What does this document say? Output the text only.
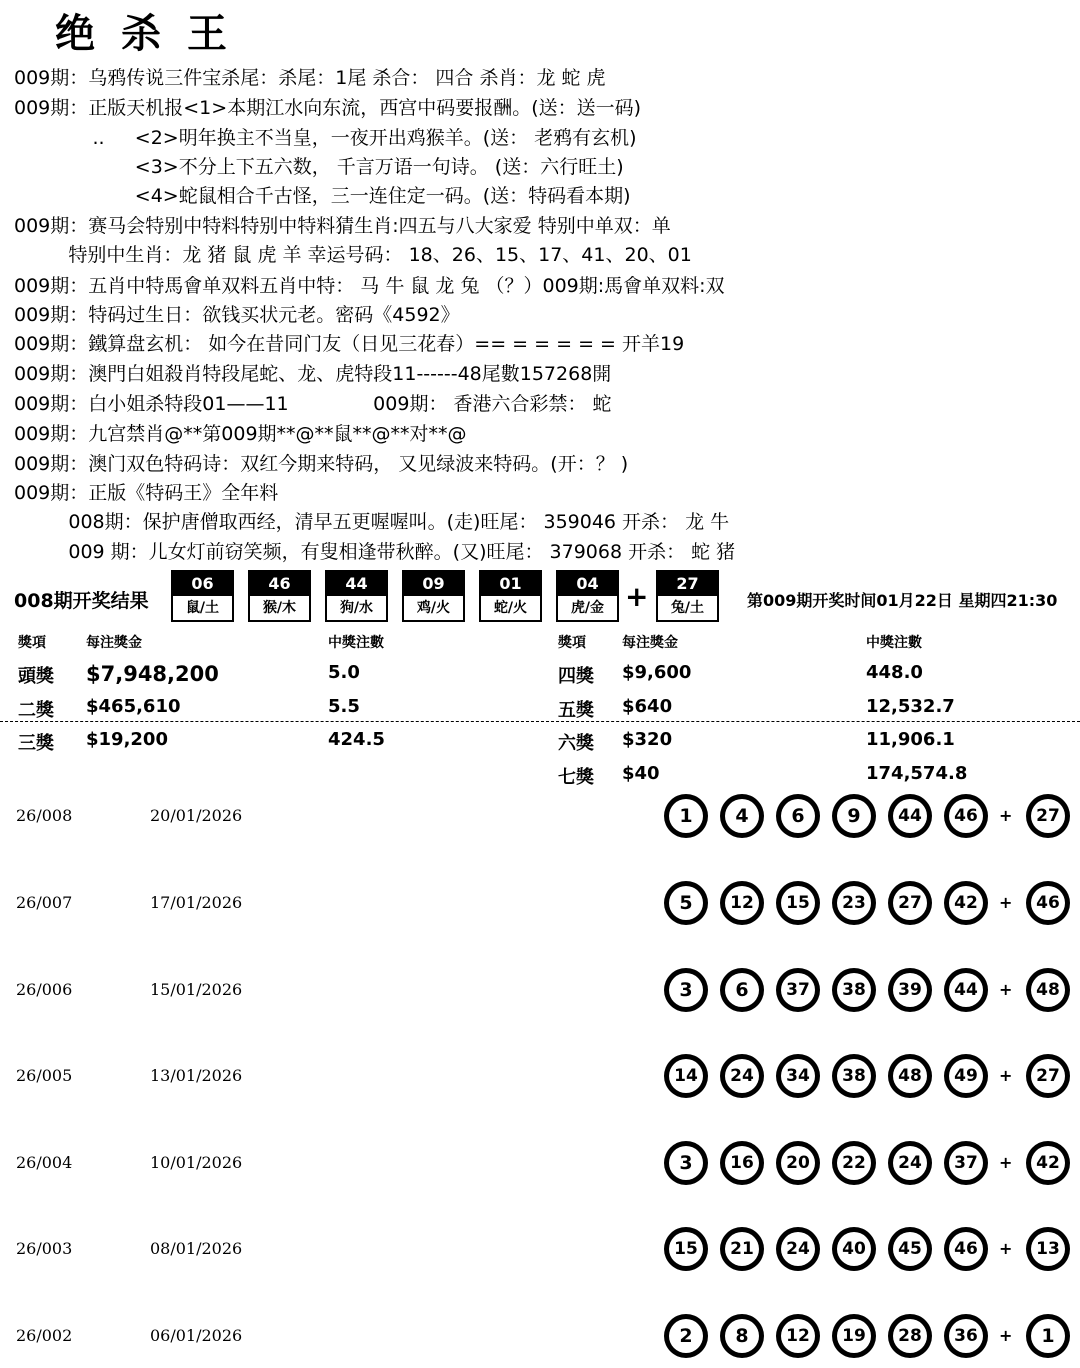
绝杀王
009期：乌鸦传说三件宝杀尾：杀尾：1尾 杀合： 四合 杀肖：龙 蛇 虎
009期：正版天机报<1>本期江水向东流，西宫中码要报酬。(送：送一码)
..     <2>明年换主不当皇，一夜开出鸡猴羊。(送： 老鸦有玄机)
<3>不分上下五六数， 千言万语一句诗。 (送：六行旺土)
<4>蛇鼠相合千古怪，三一连住定一码。(送：特码看本期)
009期：赛马会特别中特料特别中特料猜生肖:四五与八大家爱 特别中单双：单
特别中生肖：龙 猪 鼠 虎 羊 幸运号码： 18、26、15、17、41、20、01
009期：五肖中特馬會单双料五肖中特： 马 牛 鼠 龙 兔 （？）009期:馬會单双料:双
009期：特码过生日：欲钱买状元老。密码《4592》
009期：鐵算盘玄机： 如今在昔同门友（日见三花春）== = = = = = 开羊19
009期：澳門白姐殺肖特段尾蛇、龙、虎特段11------48尾數157268開
009期：白小姐杀特段01——11              009期： 香港六合彩禁： 蛇
009期：九宫禁肖@**第009期**@**鼠**@**对**@
009期：澳门双色特码诗：双红今期来特码， 又见绿波来特码。(开：？ )
009期：正版《特码王》全年料
008期：保护唐僧取西经，清早五更喔喔叫。(走)旺尾： 359046 开杀： 龙 牛
009 期：儿女灯前窃笑频，有叟相逢带秋醉。(又)旺尾： 379068 开杀： 蛇 猪
008期开奖结果
06
鼠/土
46
猴/木
44
狗/水
09
鸡/火
01
蛇/火
04
虎/金
27
兔/土
+	第009期开奖时间01月22日 星期四21:30
獎項	每注獎金	中獎注數	獎項	每注獎金	中獎注數
頭獎 $7,948,200	5.0
二獎 $465,610	5.5
三獎 $19,200	424.5
四獎 $9,600	448.0
五獎 $640	12,532.7
六獎 $320	11,906.1
七獎 $40	174,574.8
26/008	20/01/2026	1	4	6	9	44	46	+	27
26/007	17/01/2026	5	12	15	23	27	42	+	46
26/006	15/01/2026	3	6	37	38	39	44	+	48
26/005	13/01/2026	14	24	34	38	48	49	+	27
26/004	10/01/2026	3	16	20	22	24	37	+	42
26/003	08/01/2026	15	21	24	40	45	46	+	13
26/002	06/01/2026	2	8	12	19	28	36	+	1
